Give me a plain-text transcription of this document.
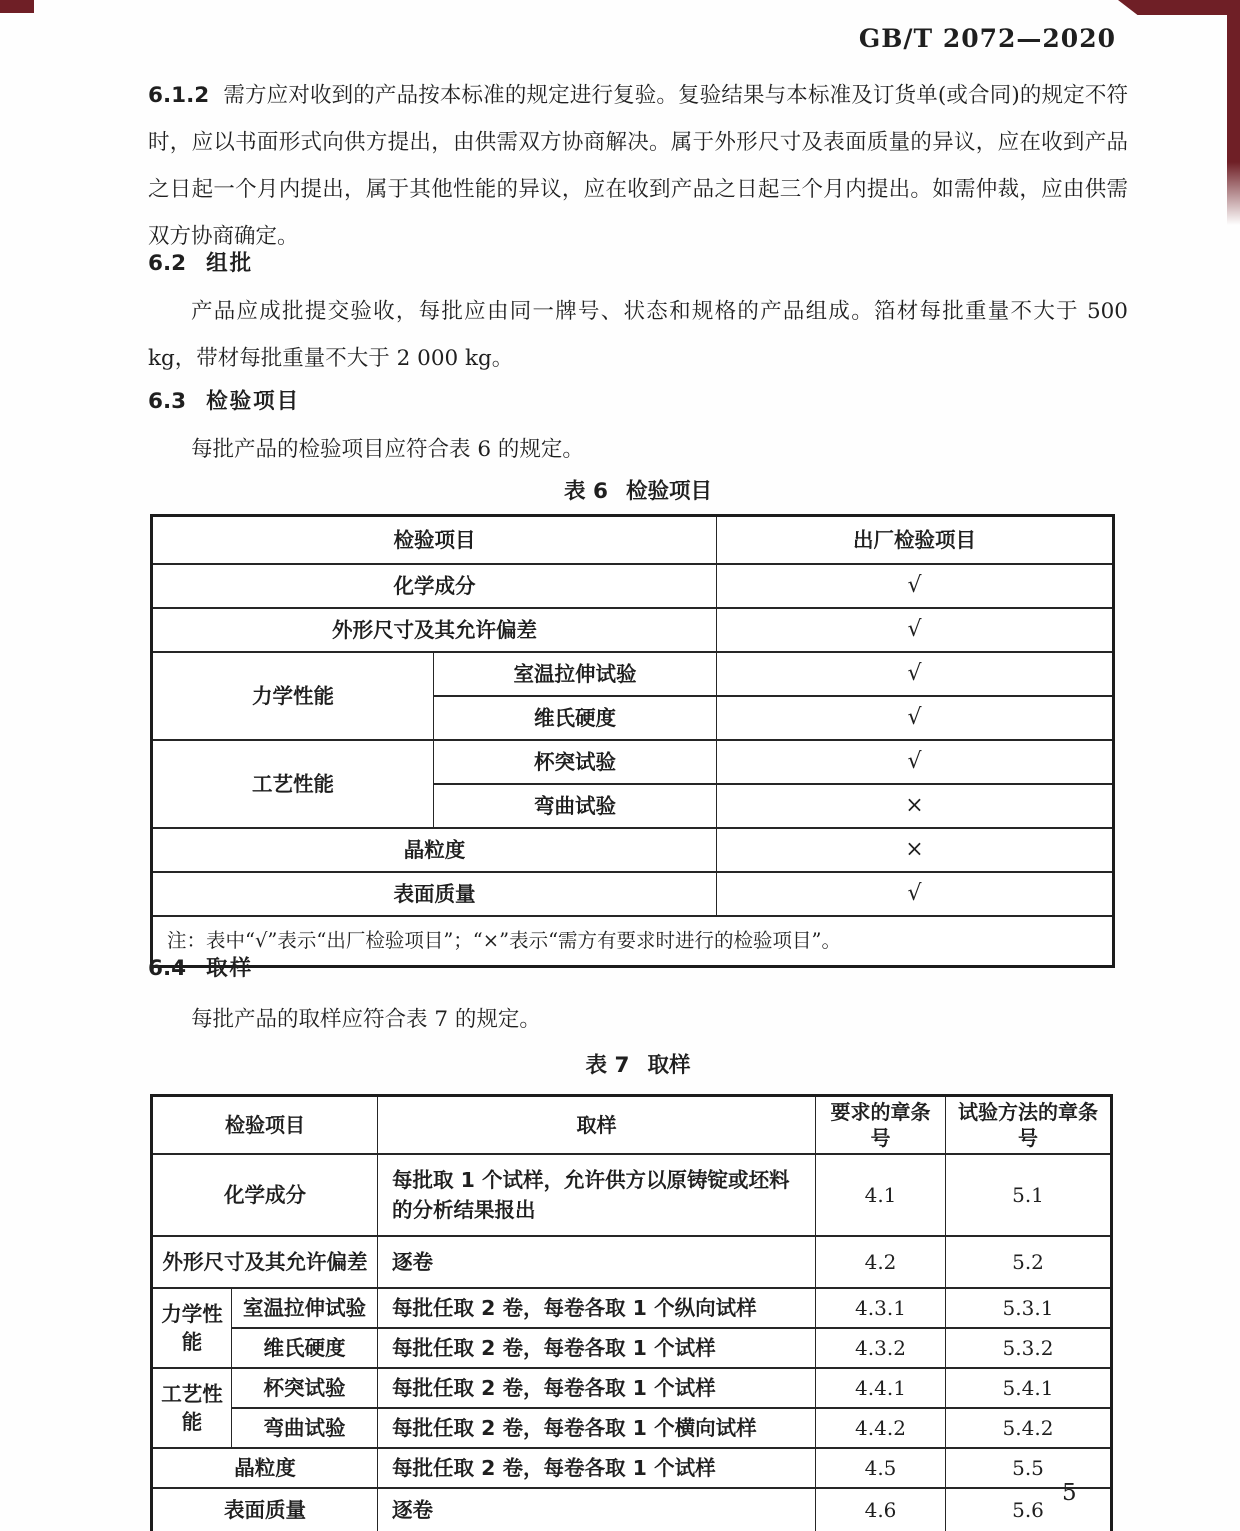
GB/T 2072—2020

6.1.2 需方应对收到的产品按本标准的规定进行复验。复验结果与本标准及订货单(或合同)的规定不符时，应以书面形式向供方提出，由供需双方协商解决。属于外形尺寸及表面质量的异议，应在收到产品之日起一个月内提出，属于其他性能的异议，应在收到产品之日起三个月内提出。如需仲裁，应由供需双方协商确定。

6.2 组批

产品应成批提交验收，每批应由同一牌号、状态和规格的产品组成。箔材每批重量不大于 500 kg，带材每批重量不大于 2 000 kg。

6.3 检验项目

每批产品的检验项目应符合表 6 的规定。

表 6 检验项目
检验项目		出厂检验项目
化学成分		√
外形尺寸及其允许偏差		√
力学性能	室温拉伸试验	√
	维氏硬度	√
工艺性能	杯突试验	√
	弯曲试验	×
晶粒度		×
表面质量		√
注：表中“√”表示“出厂检验项目”；“×”表示“需方有要求时进行的检验项目”。		
6.4 取样

每批产品的取样应符合表 7 的规定。

表 7 取样
检验项目		取样	要求的章条号	试验方法的章条号
化学成分		每批取 1 个试样，允许供方以原铸锭或坯料的分析结果报出	4.1	5.1
外形尺寸及其允许偏差		逐卷	4.2	5.2
力学性能	室温拉伸试验	每批任取 2 卷，每卷各取 1 个纵向试样	4.3.1	5.3.1
	维氏硬度	每批任取 2 卷，每卷各取 1 个试样	4.3.2	5.3.2
工艺性能	杯突试验	每批任取 2 卷，每卷各取 1 个试样	4.4.1	5.4.1
	弯曲试验	每批任取 2 卷，每卷各取 1 个横向试样	4.4.2	5.4.2
晶粒度		每批任取 2 卷，每卷各取 1 个试样	4.5	5.5
表面质量		逐卷	4.6	5.6
5
